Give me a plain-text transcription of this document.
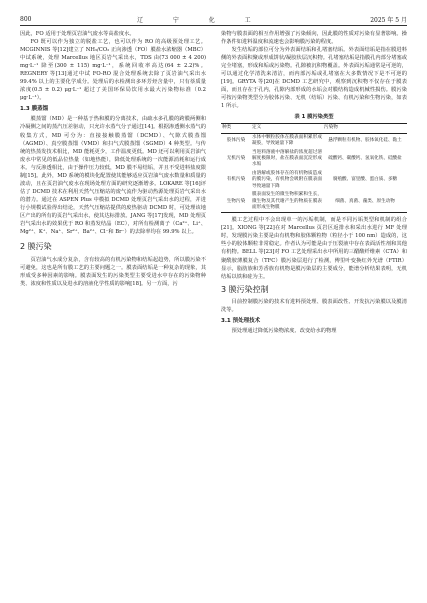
800	辽 宁 化 工	2025 年 5 月

因此，FO 适用于处理页岩油气废水等高盐度水。

FO 既可以作为独立的脱盐工艺，也可以作为 RO 的高级预处理工艺。MCGINNIS 等[12]建立了 NH₃/CO₂ 正向渗透（FO）膜盐水浓缩器（MBC）中试系统，处理 Marcellus 地区页岩气采出水，TDS 由(73 000 ± 4 200) mg·L⁻¹ 降至(300 ± 115) mg·L⁻¹，系统回收率高达(64 ± 2.2)%。REGNERY 等[13]通过中试 FO-RO 混合处理系统去除了页岩油气采出水 99.4% 以上的主要化学成分。处理后的水检测出多环芳烃含量中，只有萘质量浓度(0.5 ± 0.2) μg·L⁻¹ 超过了美国环保局饮用水最大污染物标准（0.2 μg·L⁻¹）。

1.3 膜蒸馏

膜蒸馏（MD）是一种基于热和膜的分离技术，由疏水多孔膜的跨膜两侧和冷凝侧之间的蒸汽压差驱动，只允许水蒸气分子通过[14]。根据渗透侧水蒸气的收集方式，MD 可分为：直接接触膜蒸馏（DCMD）、气隙式膜蒸馏（AGMD）、真空膜蒸馏（VMD）和扫气式膜蒸馏（SGMD）4 种类型。与传统的热蒸发技术相比，MD 能耗更少，工作温度更低。MD 还可以利用页岩油气废水中常见的低品位热量（如地热能），降低处理系统的一次能源消耗和运行成本。与反渗透相比，由于操作压力较低，MD 膜不易结垢，并且不受进料盐度限制[15]。此外，MD 系统的模块化配置使其能够适应页岩油气废水数量和质量的波动，且在页岩油气废水在现场处理方面的研究逐渐增多。LOKARE 等[16]评估了 DCMD 技术在利用天然气压缩站的废气流作为驱动热源处理页岩气采出水的潜力。通过在 ASPEN Plus 中模拟 DCMD 处理页岩气采出水的过程，并进行小规模试验得出结论，天然气压缩站提供的废热驱动 DCMD 时，可处理该地区产出的所有的页岩气采出水，使其达标排放。JANG 等[17]发现，MD 处理页岩气采出水的效果优于 RO 和蒸发结晶（EC），对所有检测离子（Ca²⁺、Li⁺、Mg²⁺、K⁺、Na⁺、Sr²⁺、Ba²⁺、Cl⁻和 Br⁻）的去除率均在 99.9% 以上。

2 膜污染

页岩油气水成分复杂，含有较高的有机污染物和结垢起趋势，所以膜污染不可避免，这也是所有膜工艺的主要问题之一。膜表面结垢是一种复杂的现象，其形成受多种因素的影响。膜表面发生的污染类型主要受进水中存在的污染物种类、浓度和性质以及进水的溶液化学性质的影响[18]。另一方面，污

染物与膜表面的相互作用增强了污染倾向，因此膜的性质对污染有显著影响。操作条件如进料温度和流速也会影响膜污染的程度。

发生结垢的部位可分为外表面结垢和孔堵塞结垢。外表面结垢是指在膜进料侧的外表面积聚或形成饼状/凝胶状层沉积物。孔堵塞结垢是指膜孔内部分堵塞或完全堵塞，形成和垢或污染物。孔隙被沉积物覆盖。外表面污垢通常是可逆的，可以通过化学清洗来清洁，而内部污垢或孔堵塞在大多数情况下是不可逆的[19]。GRYTA 等[20]在 DCMD 工艺研究中，观察到沉积物不仅存在于膜表面，而且存在于孔内，孔隙内部形成的水垢会对膜结构造成机械性损伤。膜污染可按污染物类型分为胶体污染、无机（结垢）污染、有机污染和生物污染，如表 1 所示。

表 1 膜污染类型
种类	定义	污染物
胶体污染	水体中颗粒胶体在膜表面积累形成凝胶，导致通量下降	悬浮颗粒有机物、胶体氧化硅、黏土
无机污染	当进料溶液中溶解盐的浓度超过溶解度极限时，盐在膜表面沉淀形成水垢	硫酸钙、碳酸钙、氢氧化铁、硅酸盐
有机污染	由溶解或胶体存在的有机物质造成的膜污染，有机物会吸附在膜表面导致通量下降	腐殖酸、富里酸、蛋白质、多糖
生物污染	膜表面发生的微生物积累和生长，微生物及其代谢产生的物质在膜表面形成生物膜	细菌、真菌、藻类、原生动物

膜工艺过程中不会出现单一的污垢机制，而是不同污垢类型和机制的组合[21]。XIONG 等[22]在对 Marcellus 页岩区返排水和采出水进行 MF 处理时，发现膜污染主要是由有机物和胶体颗粒物（粒径小于 100 nm）造成的，这些小的胶体颗粒非常稳定。作者认为可能是由于压裂液中存在表面活性剂和其他有机物。BELL 等[23]对 FO 工艺处理采出水中所用的三醋酸纤维素（CTA）和聚酰胺薄膜复合（TFC）膜污染层进行了检测，傅里叶变换红外光谱（FTIR）显示，脂肪族和芳香族有机物是膜污染层的主要成分，能谱分析结果表明，无机结垢以铁和硅为主。

3 膜污染控制

目前控制膜污染的技术有进料预处理、膜表面改性、开发抗污染膜以及膜清洗等。

3.1 预处理技术

预处理通过降低污染物浓度、改变给水的物理
